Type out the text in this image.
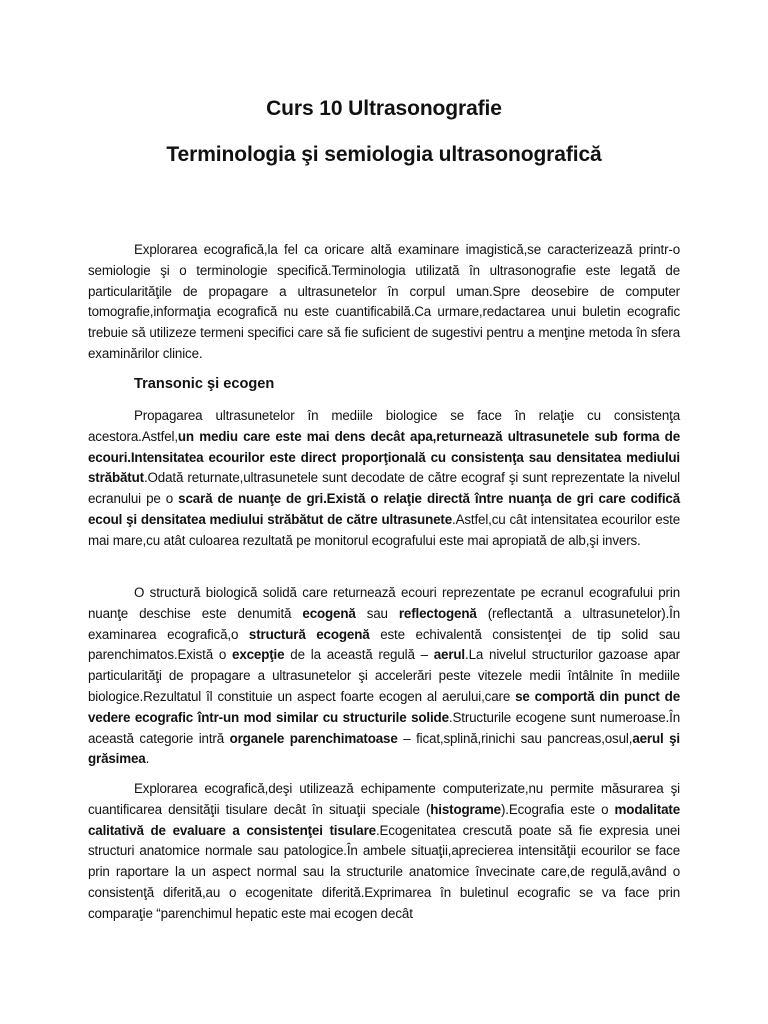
Curs 10 Ultrasonografie
Terminologia şi semiologia ultrasonografică

Explorarea ecografică,la fel ca oricare altă examinare imagistică,se caracterizează printr-o semiologie şi o terminologie specifică.Terminologia utilizată în ultrasonografie este legată de particularităţile de propagare a ultrasunetelor în corpul uman.Spre deosebire de computer tomografie,informaţia ecografică nu este cuantificabilă.Ca urmare,redactarea unui buletin ecografic trebuie să utilizeze termeni specifici care să fie suficient de sugestivi pentru a menţine metoda în sfera examinărilor clinice.

Transonic şi ecogen

Propagarea ultrasunetelor în mediile biologice se face în relaţie cu consistenţa acestora.Astfel,un mediu care este mai dens decât apa,returnează ultrasunetele sub forma de ecouri.Intensitatea ecourilor este direct proporţională cu consistenţa sau densitatea mediului străbătut.Odată returnate,ultrasunetele sunt decodate de către ecograf şi sunt reprezentate la nivelul ecranului pe o scară de nuanţe de gri.Există o relaţie directă între nuanţa de gri care codifică ecoul şi densitatea mediului străbătut de către ultrasunete.Astfel,cu cât intensitatea ecourilor este mai mare,cu atât culoarea rezultată pe monitorul ecografului este mai apropiată de alb,şi invers.

O structură biologică solidă care returnează ecouri reprezentate pe ecranul ecografului prin nuanţe deschise este denumită ecogenă sau reflectogenă (reflectantă a ultrasunetelor).În examinarea ecografică,o structură ecogenă este echivalentă consistenţei de tip solid sau parenchimatos.Există o excepţie de la această regulă – aerul.La nivelul structurilor gazoase apar particularităţi de propagare a ultrasunetelor şi accelerări peste vitezele medii întâlnite în mediile biologice.Rezultatul îl constituie un aspect foarte ecogen al aerului,care se comportă din punct de vedere ecografic într-un mod similar cu structurile solide.Structurile ecogene sunt numeroase.În această categorie intră organele parenchimatoase – ficat,splină,rinichi sau pancreas,osul,aerul şi grăsimea.

Explorarea ecografică,deşi utilizează echipamente computerizate,nu permite măsurarea şi cuantificarea densităţii tisulare decât în situaţii speciale (histograme).Ecografia este o modalitate calitativă de evaluare a consistenţei tisulare.Ecogenitatea crescută poate să fie expresia unei structuri anatomice normale sau patologice.În ambele situaţii,aprecierea intensităţii ecourilor se face prin raportare la un aspect normal sau la structurile anatomice învecinate care,de regulă,având o consistenţă diferită,au o ecogenitate diferită.Exprimarea în buletinul ecografic se va face prin comparaţie “parenchimul hepatic este mai ecogen decât
